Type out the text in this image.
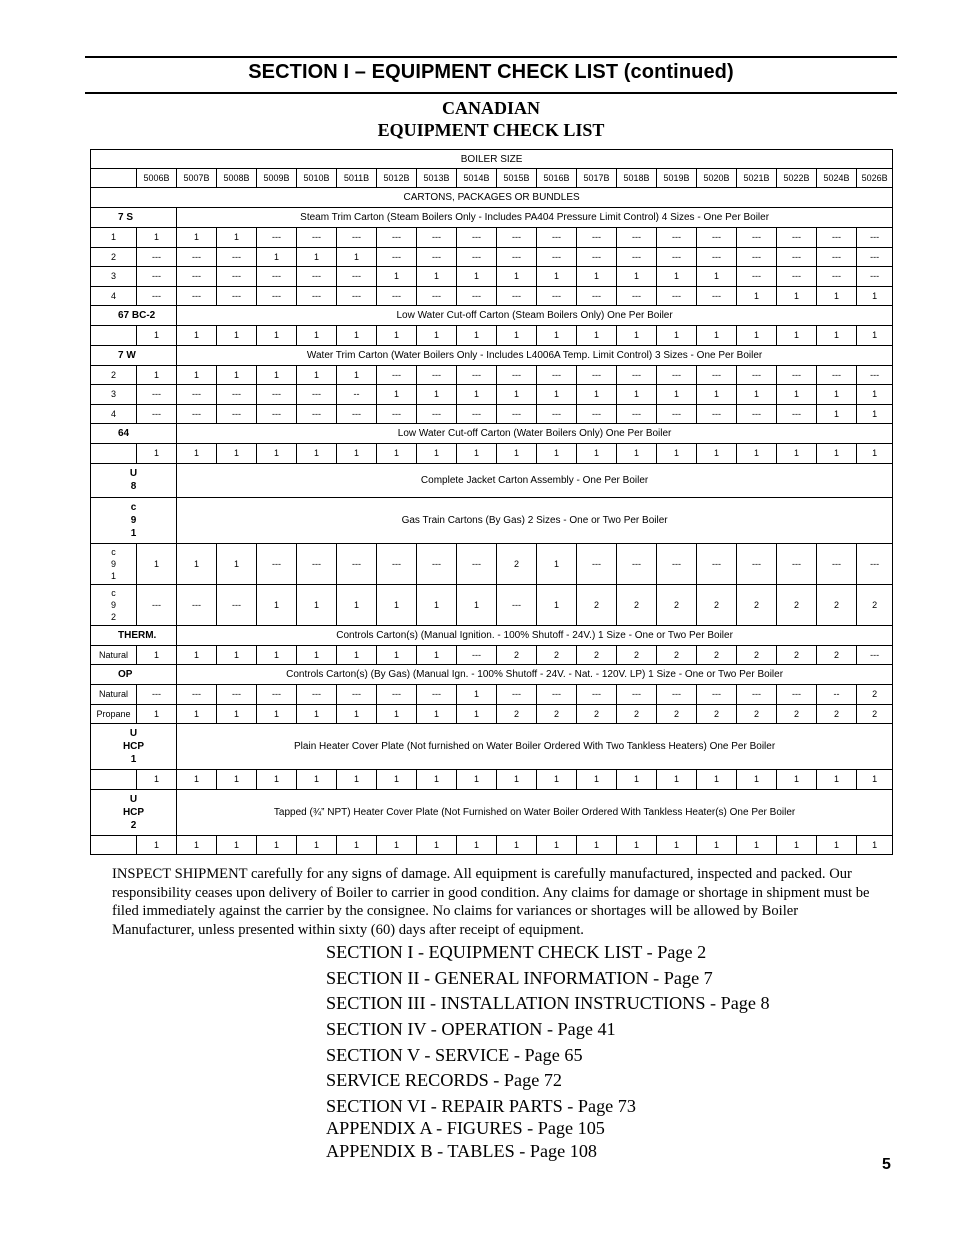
SECTION I – EQUIPMENT CHECK LIST (continued)
CANADIAN
EQUIPMENT CHECK LIST
BOILER SIZE																			
	5006B	5007B	5008B	5009B	5010B	5011B	5012B	5013B	5014B	5015B	5016B	5017B	5018B	5019B	5020B	5021B	5022B	5024B	5026B
CARTONS, PACKAGES OR BUNDLES																			
7 S		Steam Trim Carton (Steam Boilers Only - Includes PA404 Pressure Limit Control) 4 Sizes - One Per Boiler																	
1	1	1	1	---	---	---	---	---	---	---	---	---	---	---	---	---	---	---	---
2	---	---	---	1	1	1	---	---	---	---	---	---	---	---	---	---	---	---	---
3	---	---	---	---	---	---	1	1	1	1	1	1	1	1	1	---	---	---	---
4	---	---	---	---	---	---	---	---	---	---	---	---	---	---	---	1	1	1	1
67 BC-2		Low Water Cut-off Carton (Steam Boilers Only) One Per Boiler																	
	1	1	1	1	1	1	1	1	1	1	1	1	1	1	1	1	1	1	1
7 W		Water Trim Carton (Water Boilers Only - Includes L4006A Temp. Limit Control) 3 Sizes - One Per Boiler																	
2	1	1	1	1	1	1	---	---	---	---	---	---	---	---	---	---	---	---	---
3	---	---	---	---	---	--	1	1	1	1	1	1	1	1	1	1	1	1	1
4	---	---	---	---	---	---	---	---	---	---	---	---	---	---	---	---	---	1	1
64		Low Water Cut-off Carton (Water Boilers Only) One Per Boiler																	
	1	1	1	1	1	1	1	1	1	1	1	1	1	1	1	1	1	1	1

U
8		Complete Jacket Carton Assembly - One Per Boiler																	

c
9
1		Gas Train Cartons (By Gas) 2 Sizes - One or Two Per Boiler																	

c
9
1	1	1	1	---	---	---	---	---	---	2	1	---	---	---	---	---	---	---	---

c
9
2	---	---	---	1	1	1	1	1	1	---	1	2	2	2	2	2	2	2	2
THERM.		Controls Carton(s) (Manual Ignition. - 100% Shutoff - 24V.) 1 Size - One or Two Per Boiler																	
Natural	1	1	1	1	1	1	1	1	---	2	2	2	2	2	2	2	2	2	---
OP		Controls Carton(s) (By Gas) (Manual Ign. - 100% Shutoff - 24V. - Nat. - 120V. LP) 1 Size - One or Two Per Boiler																	
Natural	---	---	---	---	---	---	---	---	1	---	---	---	---	---	---	---	---	--	2
Propane	1	1	1	1	1	1	1	1	1	2	2	2	2	2	2	2	2	2	2

U
HCP
1		Plain Heater Cover Plate (Not furnished on Water Boiler Ordered With Two Tankless Heaters) One Per Boiler																	
	1	1	1	1	1	1	1	1	1	1	1	1	1	1	1	1	1	1	1

U
HCP
2		Tapped (¾” NPT) Heater Cover Plate (Not Furnished on Water Boiler Ordered With Tankless Heater(s) One Per Boiler																	
	1	1	1	1	1	1	1	1	1	1	1	1	1	1	1	1	1	1	1
INSPECT SHIPMENT carefully for any signs of damage. All equipment is carefully manufactured, inspected and packed. Our responsibility ceases upon delivery of Boiler to carrier in good condition. Any claims for damage or shortage in shipment must be filed immediately against the carrier by the consignee. No claims for variances or shortages will be allowed by Boiler Manufacturer, unless presented within sixty (60) days after receipt of equipment.
SECTION I - EQUIPMENT CHECK LIST - Page 2
SECTION II - GENERAL INFORMATION - Page 7
SECTION III - INSTALLATION INSTRUCTIONS - Page 8
SECTION IV - OPERATION - Page 41
SECTION V - SERVICE - Page 65
SERVICE RECORDS - Page 72
SECTION VI - REPAIR PARTS - Page 73
APPENDIX A - FIGURES - Page 105
APPENDIX B - TABLES - Page 108
5
